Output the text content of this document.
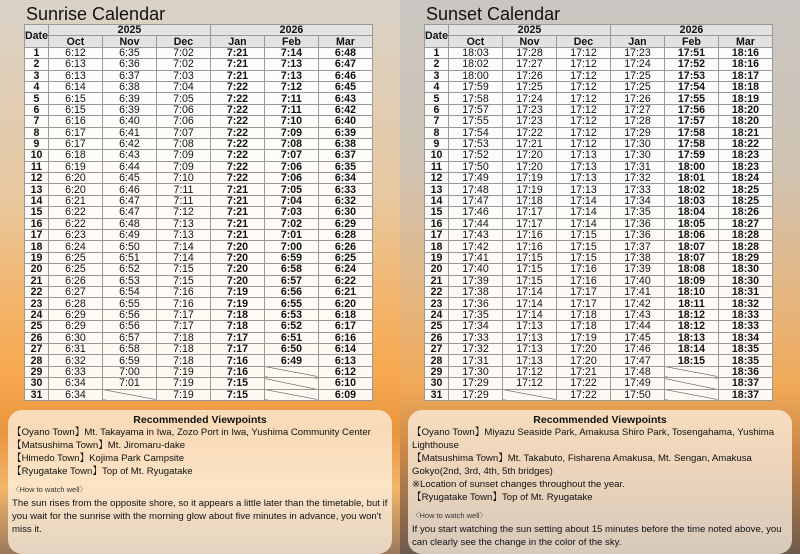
Sunrise Calendar
Date	2025			2026		
	Oct	Nov	Dec	Jan	Feb	Mar
1	6:12	6:35	7:02	7:21	7:14	6:48
2	6:13	6:36	7:02	7:21	7:13	6:47
3	6:13	6:37	7:03	7:21	7:13	6:46
4	6:14	6:38	7:04	7:22	7:12	6:45
5	6:15	6:39	7:05	7:22	7:11	6:43
6	6:15	6:39	7:06	7:22	7:11	6:42
7	6:16	6:40	7:06	7:22	7:10	6:40
8	6:17	6:41	7:07	7:22	7:09	6:39
9	6:17	6:42	7:08	7:22	7:08	6:38
10	6:18	6:43	7:09	7:22	7:07	6:37
11	6:19	6:44	7:09	7:22	7:06	6:35
12	6:20	6:45	7:10	7:22	7:06	6:34
13	6:20	6:46	7:11	7:21	7:05	6:33
14	6:21	6:47	7:11	7:21	7:04	6:32
15	6:22	6:47	7:12	7:21	7:03	6:30
16	6:22	6:48	7:13	7:21	7:02	6:29
17	6:23	6:49	7:13	7:21	7:01	6:28
18	6:24	6:50	7:14	7:20	7:00	6:26
19	6:25	6:51	7:14	7:20	6:59	6:25
20	6:25	6:52	7:15	7:20	6:58	6:24
21	6:26	6:53	7:15	7:20	6:57	6:22
22	6:27	6:54	7:16	7:19	6:56	6:21
23	6:28	6:55	7:16	7:19	6:55	6:20
24	6:29	6:56	7:17	7:18	6:53	6:18
25	6:29	6:56	7:17	7:18	6:52	6:17
26	6:30	6:57	7:18	7:17	6:51	6:16
27	6:31	6:58	7:18	7:17	6:50	6:14
28	6:32	6:59	7:18	7:16	6:49	6:13
29	6:33	7:00	7:19	7:16		6:12
30	6:34	7:01	7:19	7:15		6:10
31	6:34		7:19	7:15		6:09
Recommended Viewpoints

【Oyano Town】Mt. Takayama in Iwa, Zozo Port in Iwa, Yushima Community Center

【Matsushima Town】Mt. Jiromaru-dake

【Himedo Town】Kojima Park Campsite

【Ryugatake Town】Top of Mt. Ryugatake

〈How to watch well〉
The sun rises from the opposite shore, so it appears a little later than the timetable, but if you wait for the sunrise with the morning glow about five minutes in advance, you won't miss it.
Sunset Calendar
Date	2025			2026		
	Oct	Nov	Dec	Jan	Feb	Mar
1	18:03	17:28	17:12	17:23	17:51	18:16
2	18:02	17:27	17:12	17:24	17:52	18:16
3	18:00	17:26	17:12	17:25	17:53	18:17
4	17:59	17:25	17:12	17:25	17:54	18:18
5	17:58	17:24	17:12	17:26	17:55	18:19
6	17:57	17:23	17:12	17:27	17:56	18:20
7	17:55	17:23	17:12	17:28	17:57	18:20
8	17:54	17:22	17:12	17:29	17:58	18:21
9	17:53	17:21	17:12	17:30	17:58	18:22
10	17:52	17:20	17:13	17:30	17:59	18:23
11	17:50	17:20	17:13	17:31	18:00	18:23
12	17:49	17:19	17:13	17:32	18:01	18:24
13	17:48	17:19	17:13	17:33	18:02	18:25
14	17:47	17:18	17:14	17:34	18:03	18:25
15	17:46	17:17	17:14	17:35	18:04	18:26
16	17:44	17:17	17:14	17:36	18:05	18:27
17	17:43	17:16	17:15	17:36	18:06	18:28
18	17:42	17:16	17:15	17:37	18:07	18:28
19	17:41	17:15	17:15	17:38	18:07	18:29
20	17:40	17:15	17:16	17:39	18:08	18:30
21	17:39	17:15	17:16	17:40	18:09	18:30
22	17:38	17:14	17:17	17:41	18:10	18:31
23	17:36	17:14	17:17	17:42	18:11	18:32
24	17:35	17:14	17:18	17:43	18:12	18:33
25	17:34	17:13	17:18	17:44	18:12	18:33
26	17:33	17:13	17:19	17:45	18:13	18:34
27	17:32	17:13	17:20	17:46	18:14	18:35
28	17:31	17:13	17:20	17:47	18:15	18:35
29	17:30	17:12	17:21	17:48		18:36
30	17:29	17:12	17:22	17:49		18:37
31	17:29		17:22	17:50		18:37
Recommended Viewpoints

【Oyano Town】Miyazu Seaside Park, Amakusa Shiro Park, Tosengahama, Yushima Lighthouse

【Matsushima Town】Mt. Takabuto, Fisharena Amakusa, Mt. Sengan, Amakusa Gokyo(2nd, 3rd, 4th, 5th bridges)

※Location of sunset changes throughout the year.

【Ryugatake Town】Top of Mt. Ryugatake

〈How to watch well〉
If you start watching the sun setting about 15 minutes before the time noted above, you can clearly see the change in the color of the sky.
